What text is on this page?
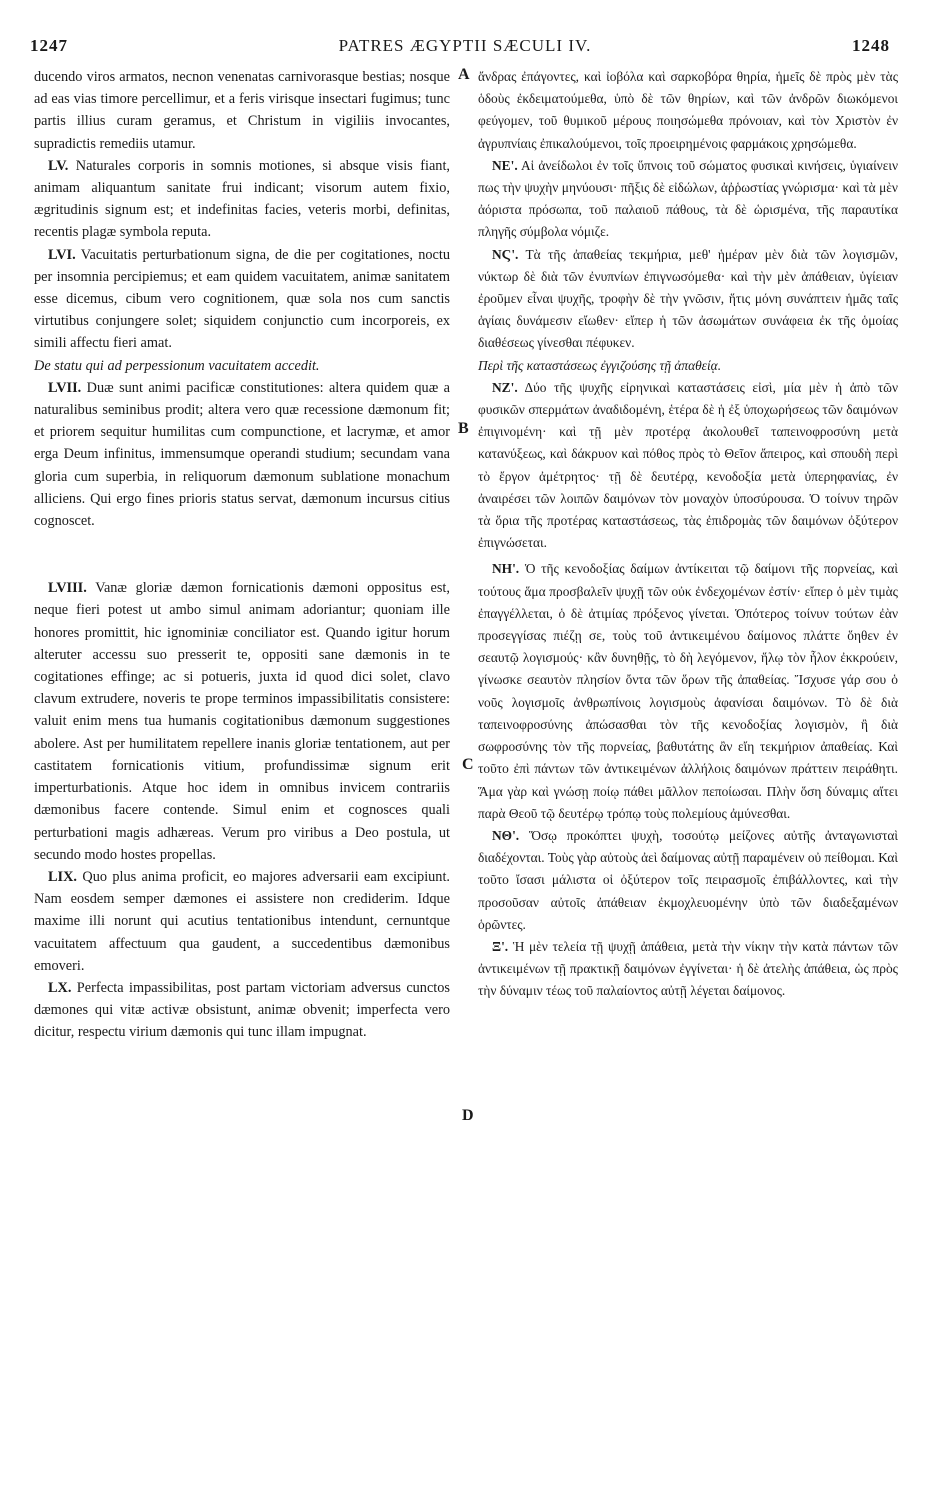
1247	PATRES ÆGYPTII SÆCULI IV.	1248
A
B
C
D

ducendo viros armatos, necnon venenatas carnivorasque bestias; nosque ad eas vias timore percellimur, et a feris virisque insectari fugimus; tunc partis illius curam geramus, et Christum in vigiliis invocantes, supradictis remediis utamur.

LV. Naturales corporis in somnis motiones, si absque visis fiant, animam aliquantum sanitate frui indicant; visorum autem fixio, ægritudinis signum est; et indefinitas facies, veteris morbi, definitas, recentis plagæ symbola reputa.

LVI. Vacuitatis perturbationum signa, de die per cogitationes, noctu per insomnia percipiemus; et eam quidem vacuitatem, animæ sanitatem esse dicemus, cibum vero cognitionem, quæ sola nos cum sanctis virtutibus conjungere solet; siquidem conjunctio cum incorporeis, ex simili affectu fieri amat.

De statu qui ad perpessionum vacuitatem accedit.

LVII. Duæ sunt animi pacificæ constitutiones: altera quidem quæ a naturalibus seminibus prodit; altera vero quæ recessione dæmonum fit; et priorem sequitur humilitas cum compunctione, et lacrymæ, et amor erga Deum infinitus, immensumque operandi studium; secundam vana gloria cum superbia, in reliquorum dæmonum sublatione monachum alliciens. Qui ergo fines prioris status servat, dæmonum incursus citius cognoscet.

LVIII. Vanæ gloriæ dæmon fornicationis dæmoni oppositus est, neque fieri potest ut ambo simul animam adoriantur; quoniam ille honores promittit, hic ignominiæ conciliator est. Quando igitur horum alteruter accessu suo presserit te, oppositi sane dæmonis in te cogitationes effinge; ac si potueris, juxta id quod dici solet, clavo clavum extrudere, noveris te prope terminos impassibilitatis consistere: valuit enim mens tua humanis cogitationibus dæmonum suggestiones abolere. Ast per humilitatem repellere inanis gloriæ tentationem, aut per castitatem fornicationis vitium, profundissimæ signum erit imperturbationis. Atque hoc idem in omnibus invicem contrariis dæmonibus facere contende. Simul enim et cognosces quali perturbationi magis adhæreas. Verum pro viribus a Deo postula, ut secundo modo hostes propellas.

LIX. Quo plus anima proficit, eo majores adversarii eam excipiunt. Nam eosdem semper dæmones ei assistere non crediderim. Idque maxime illi norunt qui acutius tentationibus intendunt, cernuntque vacuitatem affectuum qua gaudent, a succedentibus dæmonibus emoveri.

LX. Perfecta impassibilitas, post partam victoriam adversus cunctos dæmones qui vitæ activæ obsistunt, animæ obvenit; imperfecta vero dicitur, respectu virium dæmonis qui tunc illam impugnat.

ἄνδρας ἐπάγοντες, καὶ ἰοβόλα καὶ σαρκοβόρα θηρία, ἡμεῖς δὲ πρὸς μὲν τὰς ὁδοὺς ἐκδειματούμεθα, ὑπὸ δὲ τῶν θηρίων, καὶ τῶν ἀνδρῶν διωκόμενοι φεύγομεν, τοῦ θυμικοῦ μέρους ποιησώμεθα πρόνοιαν, καὶ τὸν Χριστὸν ἐν ἀγρυπνίαις ἐπικαλούμενοι, τοῖς προειρημένοις φαρμάκοις χρησώμεθα.

ΝΕ'. Αἱ ἀνείδωλοι ἐν τοῖς ὕπνοις τοῦ σώματος φυσικαὶ κινήσεις, ὑγιαίνειν πως τὴν ψυχὴν μηνύουσι· πῆξις δὲ εἰδώλων, ἀῤῥωστίας γνώρισμα· καὶ τὰ μὲν ἀόριστα πρόσωπα, τοῦ παλαιοῦ πάθους, τὰ δὲ ὡρισμένα, τῆς παραυτίκα πληγῆς σύμβολα νόμιζε.

ΝϚ'. Τὰ τῆς ἀπαθείας τεκμήρια, μεθ' ἡμέραν μὲν διὰ τῶν λογισμῶν, νύκτωρ δὲ διὰ τῶν ἐνυπνίων ἐπιγνωσόμεθα· καὶ τὴν μὲν ἀπάθειαν, ὑγίειαν ἐροῦμεν εἶναι ψυχῆς, τροφὴν δὲ τὴν γνῶσιν, ἥτις μόνη συνάπτειν ἡμᾶς ταῖς ἁγίαις δυνάμεσιν εἴωθεν· εἴπερ ἡ τῶν ἀσωμάτων συνάφεια ἐκ τῆς ὁμοίας διαθέσεως γίνεσθαι πέφυκεν.

Περὶ τῆς καταστάσεως ἐγγιζούσης τῇ ἀπαθείᾳ.

ΝΖ'. Δύο τῆς ψυχῆς εἰρηνικαὶ καταστάσεις εἰσὶ, μία μὲν ἡ ἀπὸ τῶν φυσικῶν σπερμάτων ἀναδιδομένη, ἑτέρα δὲ ἡ ἐξ ὑποχωρήσεως τῶν δαιμόνων ἐπιγινομένη· καὶ τῇ μὲν προτέρᾳ ἀκολουθεῖ ταπεινοφροσύνη μετὰ κατανύξεως, καὶ δάκρυον καὶ πόθος πρὸς τὸ Θεῖον ἄπειρος, καὶ σπουδὴ περὶ τὸ ἔργον ἀμέτρητος· τῇ δὲ δευτέρᾳ, κενοδοξία μετὰ ὑπερηφανίας, ἐν ἀναιρέσει τῶν λοιπῶν δαιμόνων τὸν μοναχὸν ὑποσύρουσα. Ὁ τοίνυν τηρῶν τὰ ὅρια τῆς προτέρας καταστάσεως, τὰς ἐπιδρομὰς τῶν δαιμόνων ὀξύτερον ἐπιγνώσεται.

ΝΗ'. Ὁ τῆς κενοδοξίας δαίμων ἀντίκειται τῷ δαίμονι τῆς πορνείας, καὶ τούτους ἅμα προσβαλεῖν ψυχῇ τῶν οὐκ ἐνδεχομένων ἐστίν· εἴπερ ὁ μὲν τιμὰς ἐπαγγέλλεται, ὁ δὲ ἀτιμίας πρόξενος γίνεται. Ὁπότερος τοίνυν τούτων ἐὰν προσεγγίσας πιέζῃ σε, τοὺς τοῦ ἀντικειμένου δαίμονος πλάττε ὅηθεν ἐν σεαυτῷ λογισμούς· κἂν δυνηθῇς, τὸ δὴ λεγόμενον, ἥλῳ τὸν ἧλον ἐκκρούειν, γίνωσκε σεαυτὸν πλησίον ὄντα τῶν ὅρων τῆς ἀπαθείας. Ἴσχυσε γάρ σου ὁ νοῦς λογισμοῖς ἀνθρωπίνοις λογισμοὺς ἀφανίσαι δαιμόνων. Τὸ δὲ διὰ ταπεινοφροσύνης ἀπώσασθαι τὸν τῆς κενοδοξίας λογισμὸν, ἢ διὰ σωφροσύνης τὸν τῆς πορνείας, βαθυτάτης ἂν εἴη τεκμήριον ἀπαθείας. Καὶ τοῦτο ἐπὶ πάντων τῶν ἀντικειμένων ἀλλήλοις δαιμόνων πράττειν πειράθητι. Ἅμα γὰρ καὶ γνώσῃ ποίῳ πάθει μᾶλλον πεποίωσαι. Πλὴν ὅση δύναμις αἴτει παρὰ Θεοῦ τῷ δευτέρῳ τρόπῳ τοὺς πολεμίους ἀμύνεσθαι.

ΝΘ'. Ὅσῳ προκόπτει ψυχὴ, τοσούτῳ μείζονες αὐτῆς ἀνταγωνισταὶ διαδέχονται. Τοὺς γὰρ αὐτοὺς ἀεὶ δαίμονας αὐτῇ παραμένειν οὐ πείθομαι. Καὶ τοῦτο ἴσασι μάλιστα οἱ ὀξύτερον τοῖς πειρασμοῖς ἐπιβάλλοντες, καὶ τὴν προσοῦσαν αὐτοῖς ἀπάθειαν ἐκμοχλευομένην ὑπὸ τῶν διαδεξαμένων ὁρῶντες.

Ξ'. Ἡ μὲν τελεία τῇ ψυχῇ ἀπάθεια, μετὰ τὴν νίκην τὴν κατὰ πάντων τῶν ἀντικειμένων τῇ πρακτικῇ δαιμόνων ἐγγίνεται· ἡ δὲ ἀτελὴς ἀπάθεια, ὡς πρὸς τὴν δύναμιν τέως τοῦ παλαίοντος αὐτῇ λέγεται δαίμονος.
